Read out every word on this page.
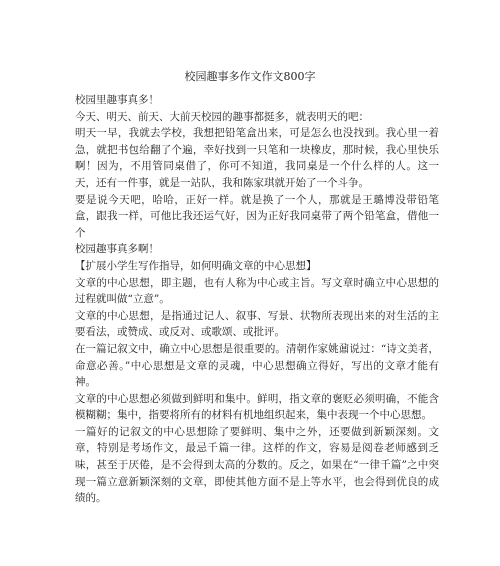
校园趣事多作文作文800字

校园里趣事真多！

今天、明天、前天、大前天校园的趣事都挺多，就表明天的吧：

明天一早，我就去学校，我想把铅笔盒出来，可是怎么也没找到。我心里一着急，就把书包给翻了个遍，幸好找到一只笔和一块橡皮，那时候，我心里快乐啊！因为，不用管同桌借了，你可不知道，我同桌是一个什么样的人。这一天，还有一件事，就是一站队，我和陈家琪就开始了一个斗争。

要是说今天吧，哈哈，正好一样。就是换了一个人，那就是王璐博没带铅笔盒，跟我一样，可他比我还运气好，因为正好我同桌带了两个铅笔盒，借他一个

校园趣事真多啊！

【扩展小学生写作指导，如何明确文章的中心思想】

文章的中心思想，即主题，也有人称为中心或主旨。写文章时确立中心思想的过程就叫做“立意”。

文章的中心思想，是指通过记人、叙事、写景、状物所表现出来的对生活的主要看法，或赞成、或反对、或歌颂、或批评。

在一篇记叙文中，确立中心思想是很重要的。清朝作家姚鼐说过：“诗文美者，命意必善。”中心思想是文章的灵魂，中心思想确立得好，写出的文章才能有神。

文章的中心思想必须做到鲜明和集中。鲜明，指文章的褒贬必须明确，不能含模糊糊；集中，指要将所有的材料有机地组织起来，集中表现一个中心思想。

一篇好的记叙文的中心思想除了要鲜明、集中之外，还要做到新颖深刻。文章，特别是考场作文，最忌千篇一律。这样的作文，容易是阅卷老师感到乏味，甚至于厌倦，是不会得到太高的分数的。反之，如果在“一律千篇”之中突现一篇立意新颖深刻的文章，即使其他方面不是上等水平，也会得到优良的成绩的。
